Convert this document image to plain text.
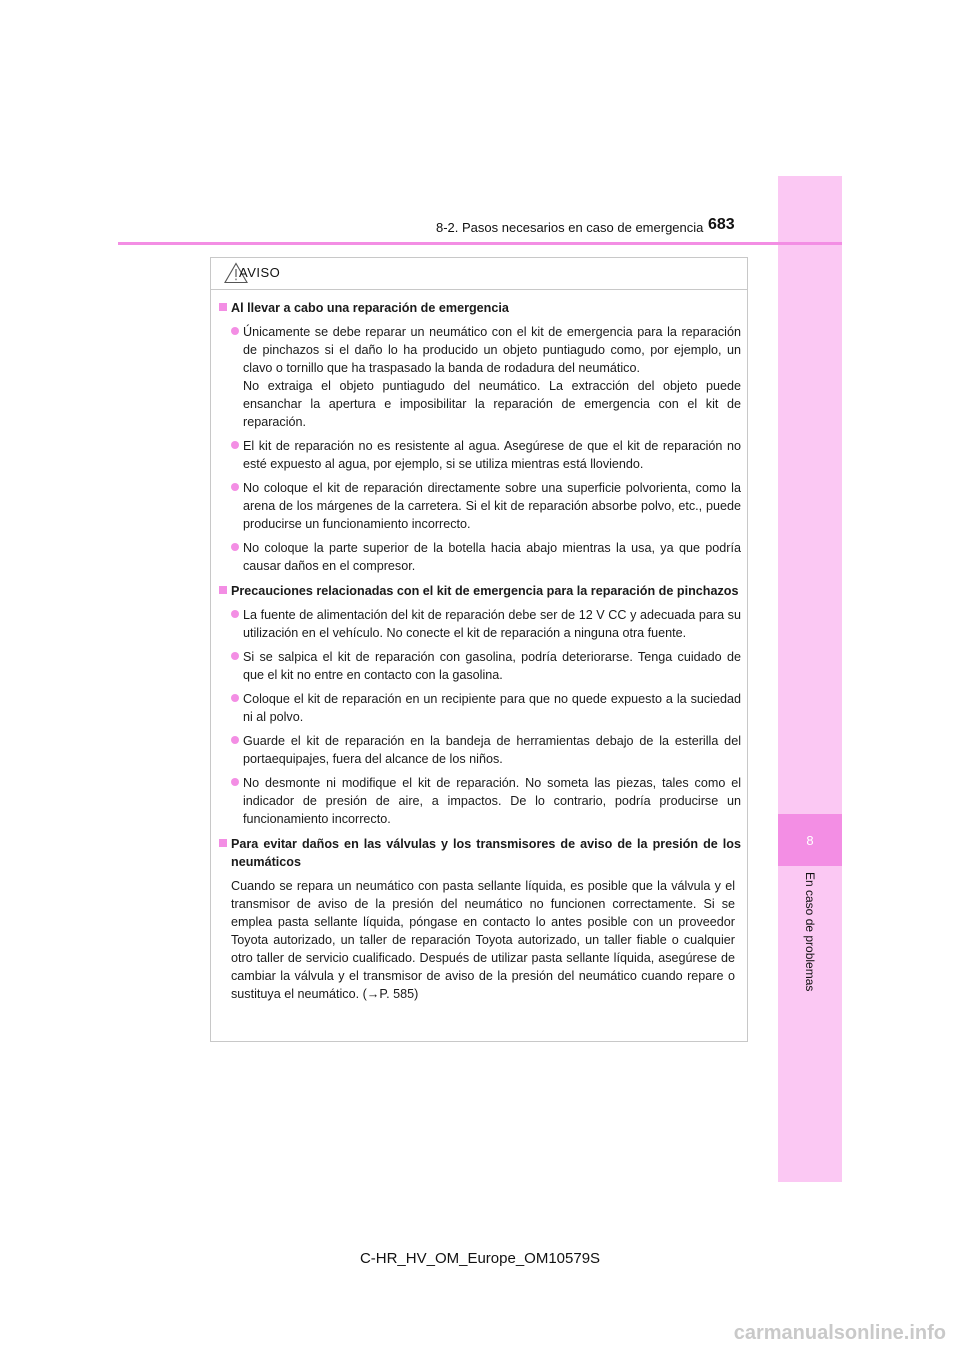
8
En caso de problemas
8-2. Pasos necesarios en caso de emergencia 683
AVISO
Al llevar a cabo una reparación de emergencia
Únicamente se debe reparar un neumático con el kit de emergencia para la reparación de pinchazos si el daño lo ha producido un objeto puntiagudo como, por ejemplo, un clavo o tornillo que ha traspasado la banda de rodadura del neumático.
No extraiga el objeto puntiagudo del neumático. La extracción del objeto puede ensanchar la apertura e imposibilitar la reparación de emergencia con el kit de reparación.
El kit de reparación no es resistente al agua. Asegúrese de que el kit de reparación no esté expuesto al agua, por ejemplo, si se utiliza mientras está lloviendo.
No coloque el kit de reparación directamente sobre una superficie polvorienta, como la arena de los márgenes de la carretera. Si el kit de reparación absorbe polvo, etc., puede producirse un funcionamiento incorrecto.
No coloque la parte superior de la botella hacia abajo mientras la usa, ya que podría causar daños en el compresor.
Precauciones relacionadas con el kit de emergencia para la reparación de pinchazos
La fuente de alimentación del kit de reparación debe ser de 12 V CC y adecuada para su utilización en el vehículo. No conecte el kit de reparación a ninguna otra fuente.
Si se salpica el kit de reparación con gasolina, podría deteriorarse. Tenga cuidado de que el kit no entre en contacto con la gasolina.
Coloque el kit de reparación en un recipiente para que no quede expuesto a la suciedad ni al polvo.
Guarde el kit de reparación en la bandeja de herramientas debajo de la esterilla del portaequipajes, fuera del alcance de los niños.
No desmonte ni modifique el kit de reparación. No someta las piezas, tales como el indicador de presión de aire, a impactos. De lo contrario, podría producirse un funcionamiento incorrecto.
Para evitar daños en las válvulas y los transmisores de aviso de la presión de los neumáticos
Cuando se repara un neumático con pasta sellante líquida, es posible que la válvula y el transmisor de aviso de la presión del neumático no funcionen correctamente. Si se emplea pasta sellante líquida, póngase en contacto lo antes posible con un proveedor Toyota autorizado, un taller de reparación Toyota autorizado, un taller fiable o cualquier otro taller de servicio cualificado. Después de utilizar pasta sellante líquida, asegúrese de cambiar la válvula y el transmisor de aviso de la presión del neumático cuando repare o sustituya el neumático. (→P. 585)
C-HR_HV_OM_Europe_OM10579S
carmanualsonline.info
